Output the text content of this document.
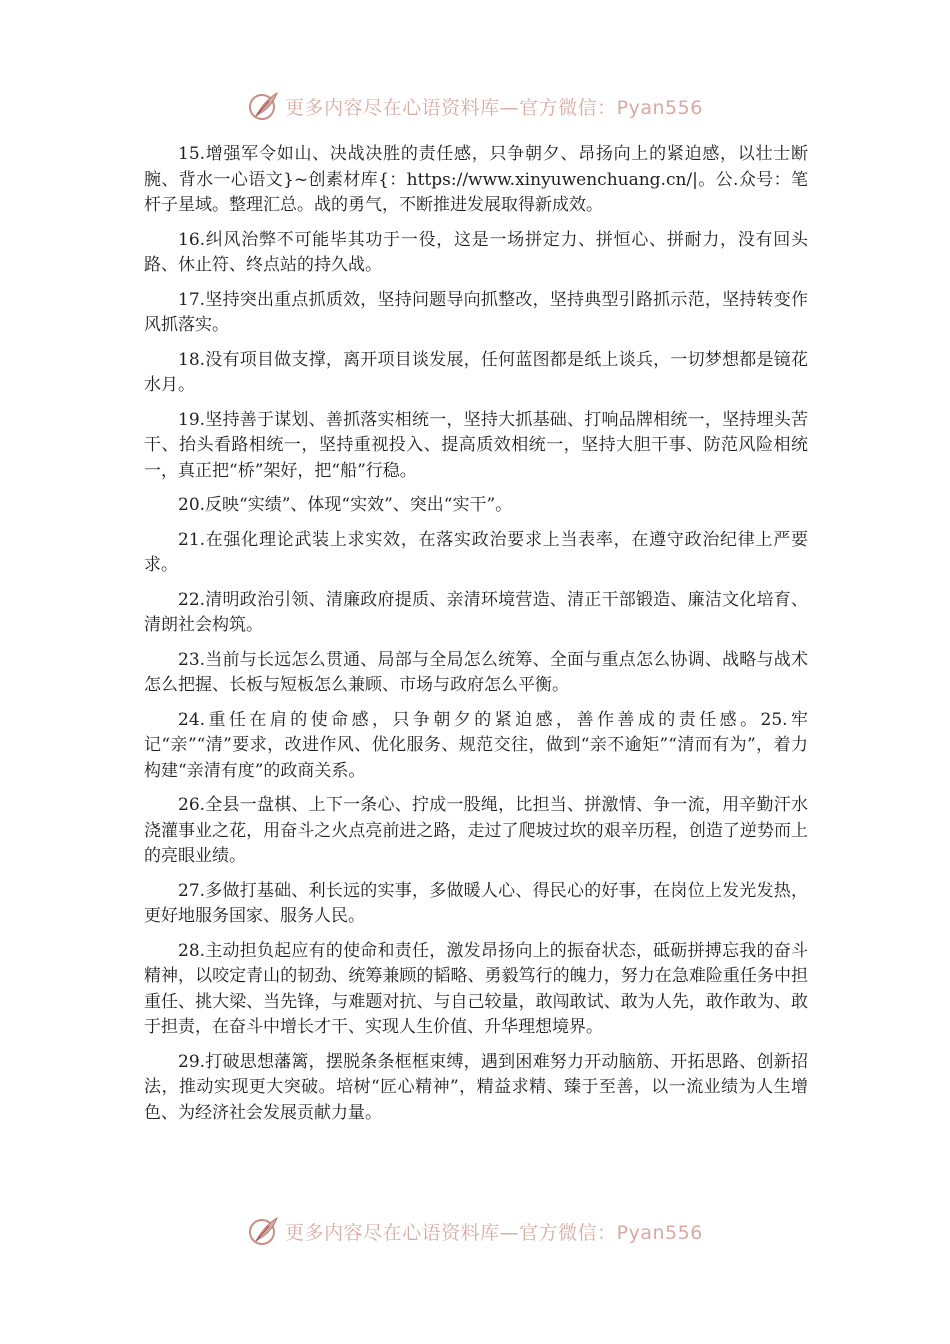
更多内容尽在心语资料库—官方微信：Pyan556

15.增强军令如山、决战决胜的责任感，只争朝夕、昂扬向上的紧迫感，以壮士断腕、背水一心语文}~创素材库{：https://www.xinyuwenchuang.cn/|。公.众号：笔杆子星域。整理汇总。战的勇气，不断推进发展取得新成效。

16.纠风治弊不可能毕其功于一役，这是一场拼定力、拼恒心、拼耐力，没有回头路、休止符、终点站的持久战。

17.坚持突出重点抓质效，坚持问题导向抓整改，坚持典型引路抓示范，坚持转变作风抓落实。

18.没有项目做支撑，离开项目谈发展，任何蓝图都是纸上谈兵，一切梦想都是镜花水月。

19.坚持善于谋划、善抓落实相统一，坚持大抓基础、打响品牌相统一，坚持埋头苦干、抬头看路相统一，坚持重视投入、提高质效相统一，坚持大胆干事、防范风险相统一，真正把“桥”架好，把“船”行稳。

20.反映“实绩”、体现“实效”、突出“实干”。

21.在强化理论武装上求实效，在落实政治要求上当表率，在遵守政治纪律上严要求。

22.清明政治引领、清廉政府提质、亲清环境营造、清正干部锻造、廉洁文化培育、清朗社会构筑。

23.当前与长远怎么贯通、局部与全局怎么统筹、全面与重点怎么协调、战略与战术怎么把握、长板与短板怎么兼顾、市场与政府怎么平衡。

24.重任在肩的使命感，只争朝夕的紧迫感，善作善成的责任感。25.牢记“亲”“清”要求，改进作风、优化服务、规范交往，做到“亲不逾矩”“清而有为”，着力构建“亲清有度”的政商关系。

26.全县一盘棋、上下一条心、拧成一股绳，比担当、拼激情、争一流，用辛勤汗水浇灌事业之花，用奋斗之火点亮前进之路，走过了爬坡过坎的艰辛历程，创造了逆势而上的亮眼业绩。

27.多做打基础、利长远的实事，多做暖人心、得民心的好事，在岗位上发光发热，更好地服务国家、服务人民。

28.主动担负起应有的使命和责任，激发昂扬向上的振奋状态，砥砺拼搏忘我的奋斗精神，以咬定青山的韧劲、统筹兼顾的韬略、勇毅笃行的魄力，努力在急难险重任务中担重任、挑大梁、当先锋，与难题对抗、与自己较量，敢闯敢试、敢为人先，敢作敢为、敢于担责，在奋斗中增长才干、实现人生价值、升华理想境界。

29.打破思想藩篱，摆脱条条框框束缚，遇到困难努力开动脑筋、开拓思路、创新招法，推动实现更大突破。培树“匠心精神”，精益求精、臻于至善，以一流业绩为人生增色、为经济社会发展贡献力量。

更多内容尽在心语资料库—官方微信：Pyan556
